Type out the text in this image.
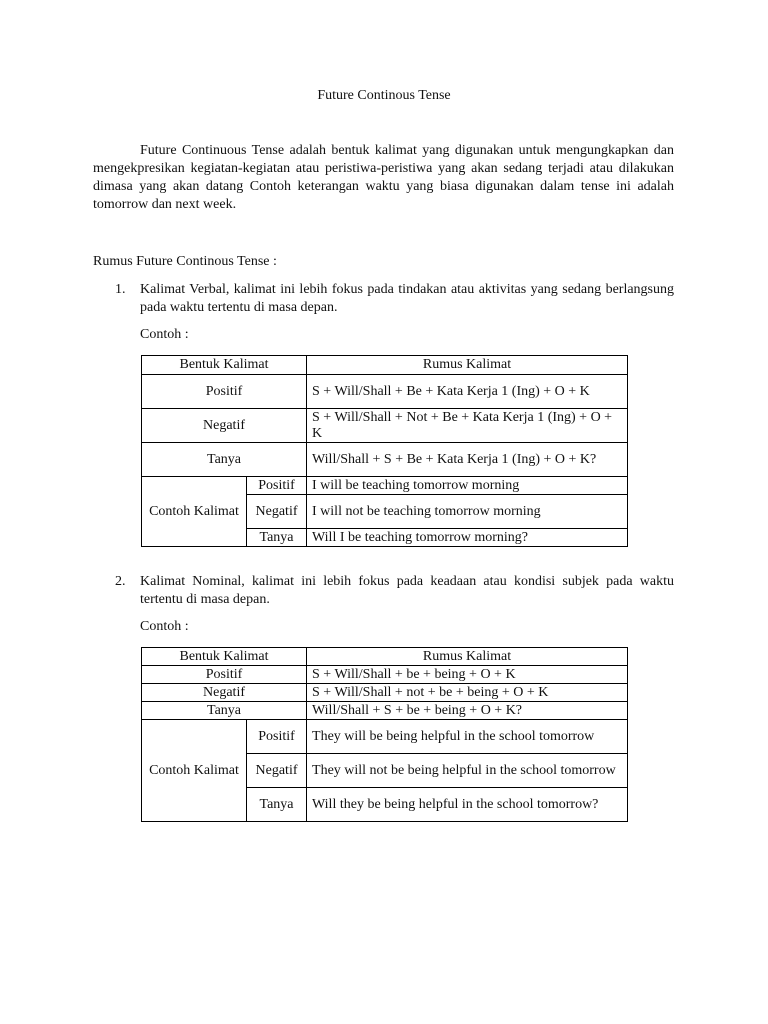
Future Continous Tense

Future Continuous Tense adalah bentuk kalimat yang digunakan untuk mengungkapkan dan mengekpresikan kegiatan-kegiatan atau peristiwa-peristiwa yang akan sedang terjadi atau dilakukan dimasa yang akan datang Contoh keterangan waktu yang biasa digunakan dalam tense ini adalah tomorrow dan next week.

Rumus Future Continous Tense :
1. Kalimat Verbal, kalimat ini lebih fokus pada tindakan atau aktivitas yang sedang berlangsung pada waktu tertentu di masa depan.
Contoh :
Bentuk Kalimat		Rumus Kalimat
Positif		S + Will/Shall + Be + Kata Kerja 1 (Ing) + O + K
Negatif		S + Will/Shall + Not + Be + Kata Kerja 1 (Ing) + O + K
Tanya		Will/Shall + S + Be + Kata Kerja 1 (Ing) + O + K?
Contoh Kalimat	Positif	I will be teaching tomorrow morning
	Negatif	I will not be teaching tomorrow morning
	Tanya	Will I be teaching tomorrow morning?
2. Kalimat Nominal, kalimat ini lebih fokus pada keadaan atau kondisi subjek pada waktu tertentu di masa depan.
Contoh :
Bentuk Kalimat		Rumus Kalimat
Positif		S + Will/Shall + be + being + O + K
Negatif		S + Will/Shall + not + be + being + O + K
Tanya		Will/Shall + S + be + being + O + K?
Contoh Kalimat	Positif	They will be being helpful in the school tomorrow
	Negatif	They will not be being helpful in the school tomorrow
	Tanya	Will they be being helpful in the school tomorrow?
